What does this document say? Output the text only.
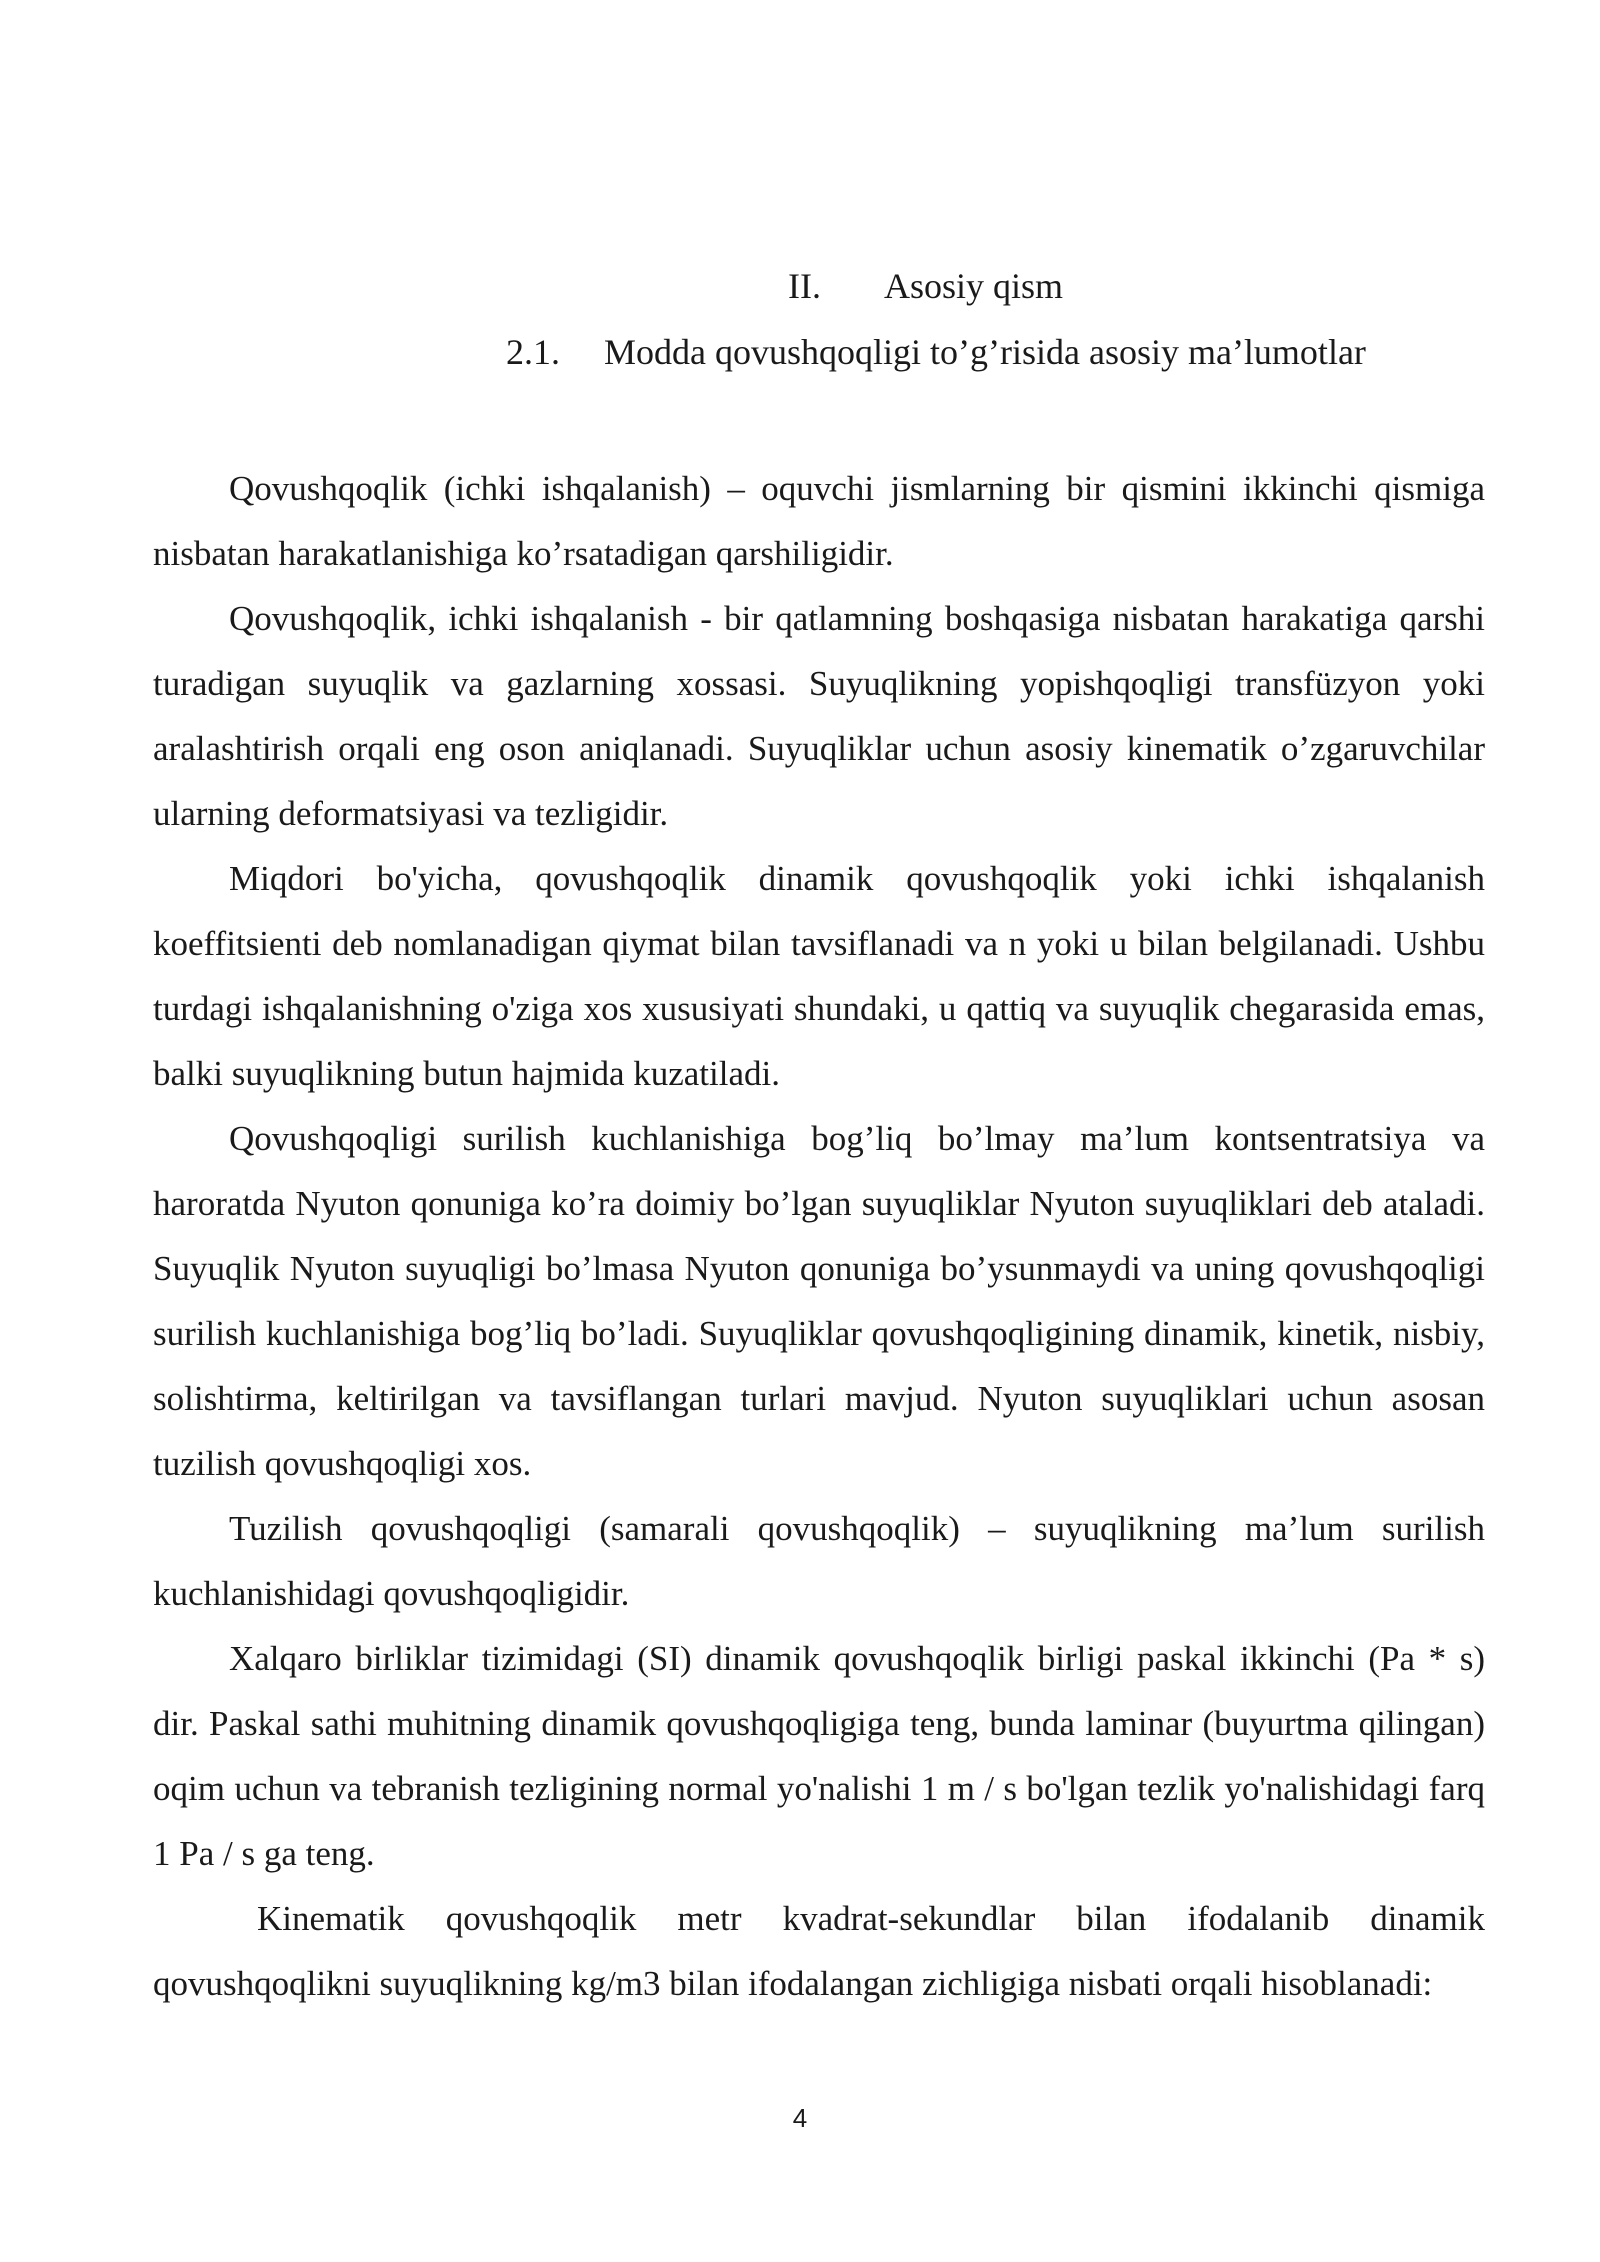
II. Asosiy qism
2.1. Modda qovushqoqligi to’g’risida asosiy ma’lumotlar

Qovushqoqlik (ichki ishqalanish) – oquvchi jismlarning bir qismini ikkinchi qismiga nisbatan harakatlanishiga ko’rsatadigan qarshiligidir.

Qovushqoqlik, ichki ishqalanish - bir qatlamning boshqasiga nisbatan harakatiga qarshi turadigan suyuqlik va gazlarning xossasi. Suyuqlikning yopishqoqligi transfüzyon yoki aralashtirish orqali eng oson aniqlanadi. Suyuqliklar uchun asosiy kinematik o’zgaruvchilar ularning deformatsiyasi va tezligidir.

Miqdori bo'yicha, qovushqoqlik dinamik qovushqoqlik yoki ichki ishqalanish koeffitsienti deb nomlanadigan qiymat bilan tavsiflanadi va n yoki u bilan belgilanadi. Ushbu turdagi ishqalanishning o'ziga xos xususiyati shundaki, u qattiq va suyuqlik chegarasida emas, balki suyuqlikning butun hajmida kuzatiladi.

Qovushqoqligi surilish kuchlanishiga bog’liq bo’lmay ma’lum kontsentratsiya va haroratda Nyuton qonuniga ko’ra doimiy bo’lgan suyuqliklar Nyuton suyuqliklari deb ataladi. Suyuqlik Nyuton suyuqligi bo’lmasa Nyuton qonuniga bo’ysunmaydi va uning qovushqoqligi surilish kuchlanishiga bog’liq bo’ladi. Suyuqliklar qovushqoqligining dinamik, kinetik, nisbiy, solishtirma, keltirilgan va tavsiflangan turlari mavjud. Nyuton suyuqliklari uchun asosan tuzilish qovushqoqligi xos.

Tuzilish qovushqoqligi (samarali qovushqoqlik) – suyuqlikning ma’lum surilish kuchlanishidagi qovushqoqligidir.

Xalqaro birliklar tizimidagi (SI) dinamik qovushqoqlik birligi paskal ikkinchi (Pa * s) dir. Paskal sathi muhitning dinamik qovushqoqligiga teng, bunda laminar (buyurtma qilingan) oqim uchun va tebranish tezligining normal yo'nalishi 1 m / s bo'lgan tezlik yo'nalishidagi farq 1 Pa / s ga teng.

Kinematik qovushqoqlik metr kvadrat-sekundlar bilan ifodalanib dinamik qovushqoqlikni suyuqlikning kg/m3 bilan ifodalangan zichligiga nisbati orqali hisoblanadi:

4
